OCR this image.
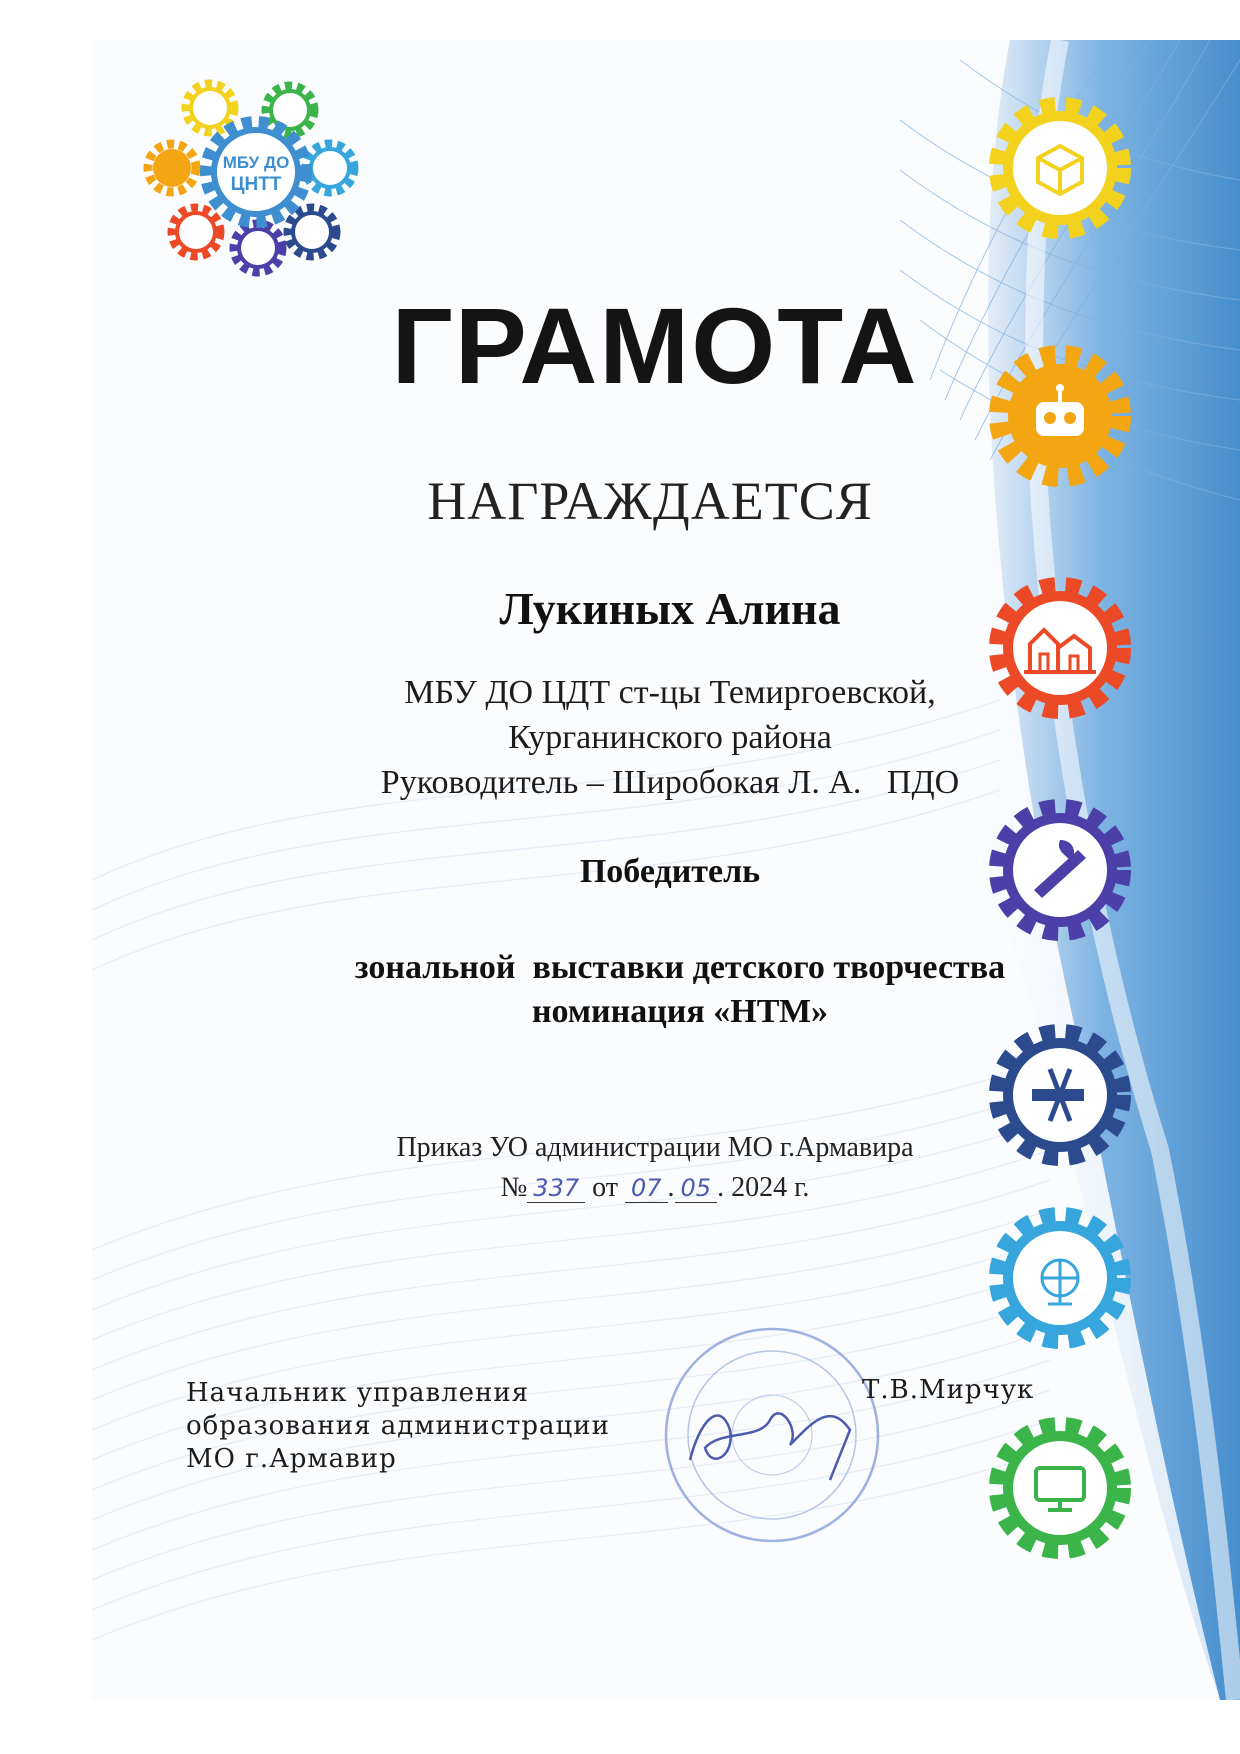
МБУ ДО
ЦНТТ
ГРАМОТА
НАГРАЖДАЕТСЯ
Лукиных Алина
МБУ ДО ЦДТ ст-цы Темиргоевской,
Курганинского района
Руководитель – Широбокая Л. А.   ПДО
Победитель
зональной  выставки детского творчества
номинация «НТМ»
Приказ УО администрации МО г.Армавира
№ 337 от 07 . 05 . 2024 г.
Начальник управления
образования администрации
МО г.Армавир
Т.В.Мирчук
